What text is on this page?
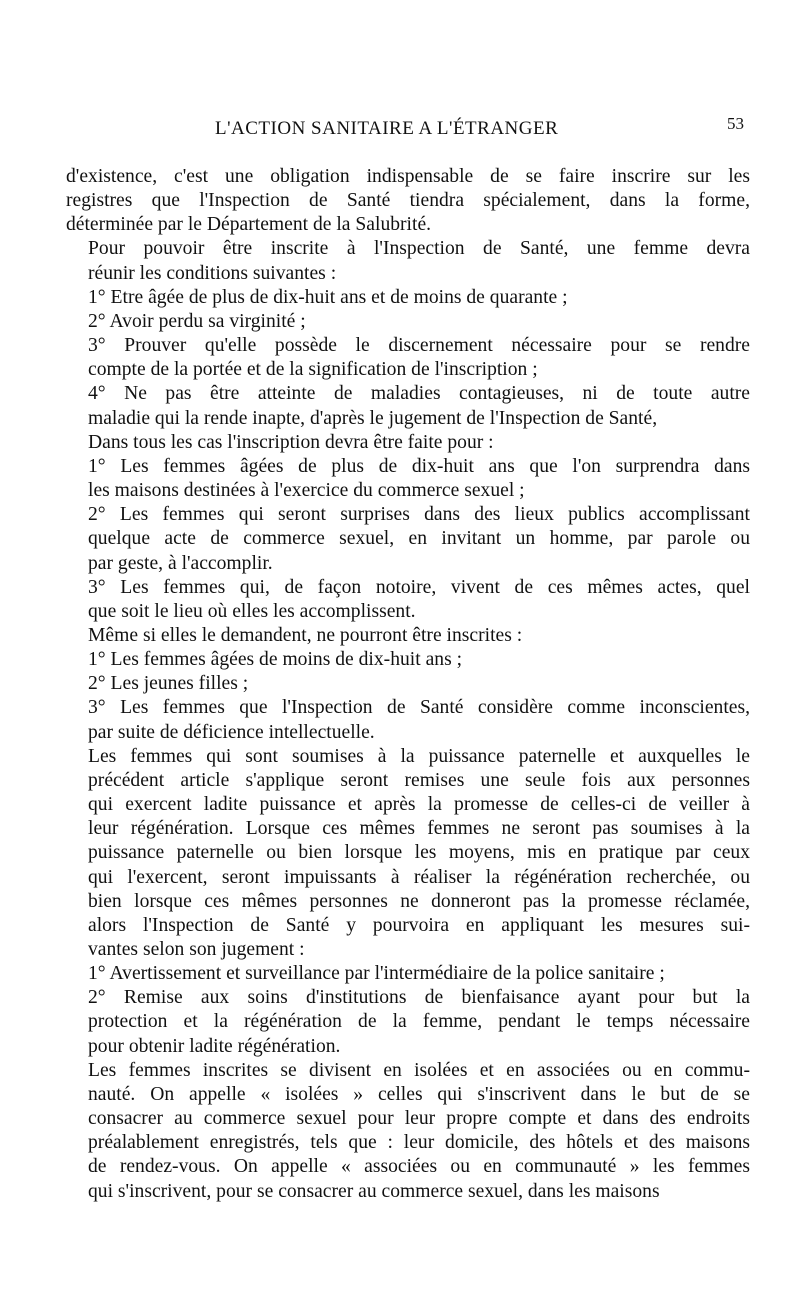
L'ACTION SANITAIRE A L'ÉTRANGER	53

d'existence, c'est une obligation indispensable de se faire inscrire sur les
registres que l'Inspection de Santé tiendra spécialement, dans la forme,
déterminée par le Département de la Salubrité.

Pour pouvoir être inscrite à l'Inspection de Santé, une femme devra
réunir les conditions suivantes :

1° Etre âgée de plus de dix-huit ans et de moins de quarante ;

2° Avoir perdu sa virginité ;

3° Prouver qu'elle possède le discernement nécessaire pour se rendre
compte de la portée et de la signification de l'inscription ;

4° Ne pas être atteinte de maladies contagieuses, ni de toute autre
maladie qui la rende inapte, d'après le jugement de l'Inspection de Santé,

Dans tous les cas l'inscription devra être faite pour :

1° Les femmes âgées de plus de dix-huit ans que l'on surprendra dans
les maisons destinées à l'exercice du commerce sexuel ;

2° Les femmes qui seront surprises dans des lieux publics accomplissant
quelque acte de commerce sexuel, en invitant un homme, par parole ou
par geste, à l'accomplir.

3° Les femmes qui, de façon notoire, vivent de ces mêmes actes, quel
que soit le lieu où elles les accomplissent.

Même si elles le demandent, ne pourront être inscrites :

1° Les femmes âgées de moins de dix-huit ans ;

2° Les jeunes filles ;

3° Les femmes que l'Inspection de Santé considère comme inconscientes,
par suite de déficience intellectuelle.

Les femmes qui sont soumises à la puissance paternelle et auxquelles le
précédent article s'applique seront remises une seule fois aux personnes
qui exercent ladite puissance et après la promesse de celles-ci de veiller à
leur régénération. Lorsque ces mêmes femmes ne seront pas soumises à la
puissance paternelle ou bien lorsque les moyens, mis en pratique par ceux
qui l'exercent, seront impuissants à réaliser la régénération recherchée, ou
bien lorsque ces mêmes personnes ne donneront pas la promesse réclamée,
alors l'Inspection de Santé y pourvoira en appliquant les mesures sui-
vantes selon son jugement :

1° Avertissement et surveillance par l'intermédiaire de la police sanitaire ;

2° Remise aux soins d'institutions de bienfaisance ayant pour but la
protection et la régénération de la femme, pendant le temps nécessaire
pour obtenir ladite régénération.

Les femmes inscrites se divisent en isolées et en associées ou en commu-
nauté. On appelle « isolées » celles qui s'inscrivent dans le but de se
consacrer au commerce sexuel pour leur propre compte et dans des endroits
préalablement enregistrés, tels que : leur domicile, des hôtels et des maisons
de rendez-vous. On appelle « associées ou en communauté » les femmes
qui s'inscrivent, pour se consacrer au commerce sexuel, dans les maisons
